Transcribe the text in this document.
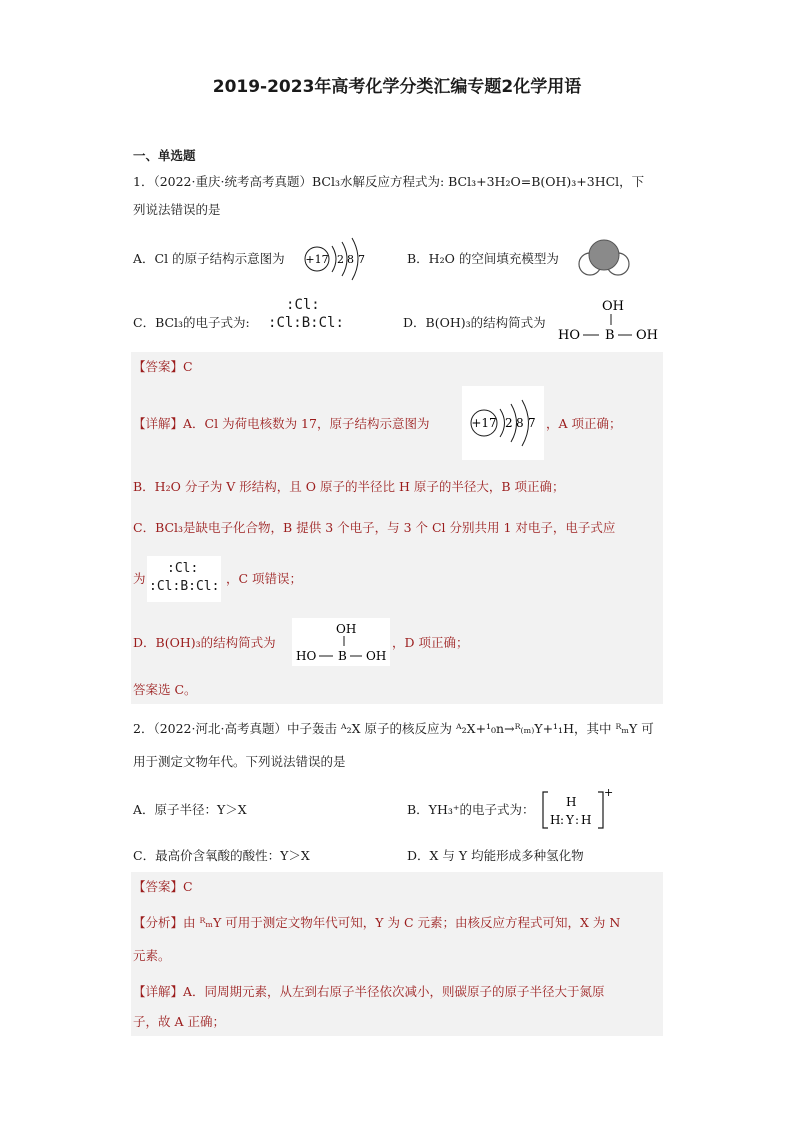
2019-2023年高考化学分类汇编专题2化学用语
一、单选题
1．（2022·重庆·统考高考真题）BCl₃水解反应方程式为: BCl₃+3H₂O=B(OH)₃+3HCl，下
列说法错误的是
A．Cl 的原子结构示意图为 +17 2 8 7	B．H₂O 的空间填充模型为
C．BCl₃的电子式为:
:Cl:
:Cl:B:Cl:	D．B(OH)₃的结构简式为
OH
HO B OH
【答案】C
【详解】A．Cl 为荷电核数为 17，原子结构示意图为	+17 2 8 7 ，A 项正确；
B．H₂O 分子为 V 形结构，且 O 原子的半径比 H 原子的半径大，B 项正确；
C．BCl₃是缺电子化合物，B 提供 3 个电子，与 3 个 Cl 分别共用 1 对电子，电子式应
为
:Cl:
:Cl:B:Cl:
，C 项错误；
D．B(OH)₃的结构简式为
OH
HO B OH
，D 项正确；
答案选 C。
2．（2022·河北·高考真题）中子轰击 ᴬ₂X 原子的核反应为 ᴬ₂X+¹₀n→ᴿ₍ₘ₎Y+¹₁H，其中 ᴿₘY 可
用于测定文物年代。下列说法错误的是
A．原子半径：Y＞X	B．YH₃⁺的电子式为：	H
H : Y : H
+
C．最高价含氧酸的酸性：Y＞X	D．X 与 Y 均能形成多种氢化物
【答案】C
【分析】由 ᴿₘY 可用于测定文物年代可知，Y 为 C 元素；由核反应方程式可知，X 为 N
元素。
【详解】A．同周期元素，从左到右原子半径依次减小，则碳原子的原子半径大于氮原
子，故 A 正确；
